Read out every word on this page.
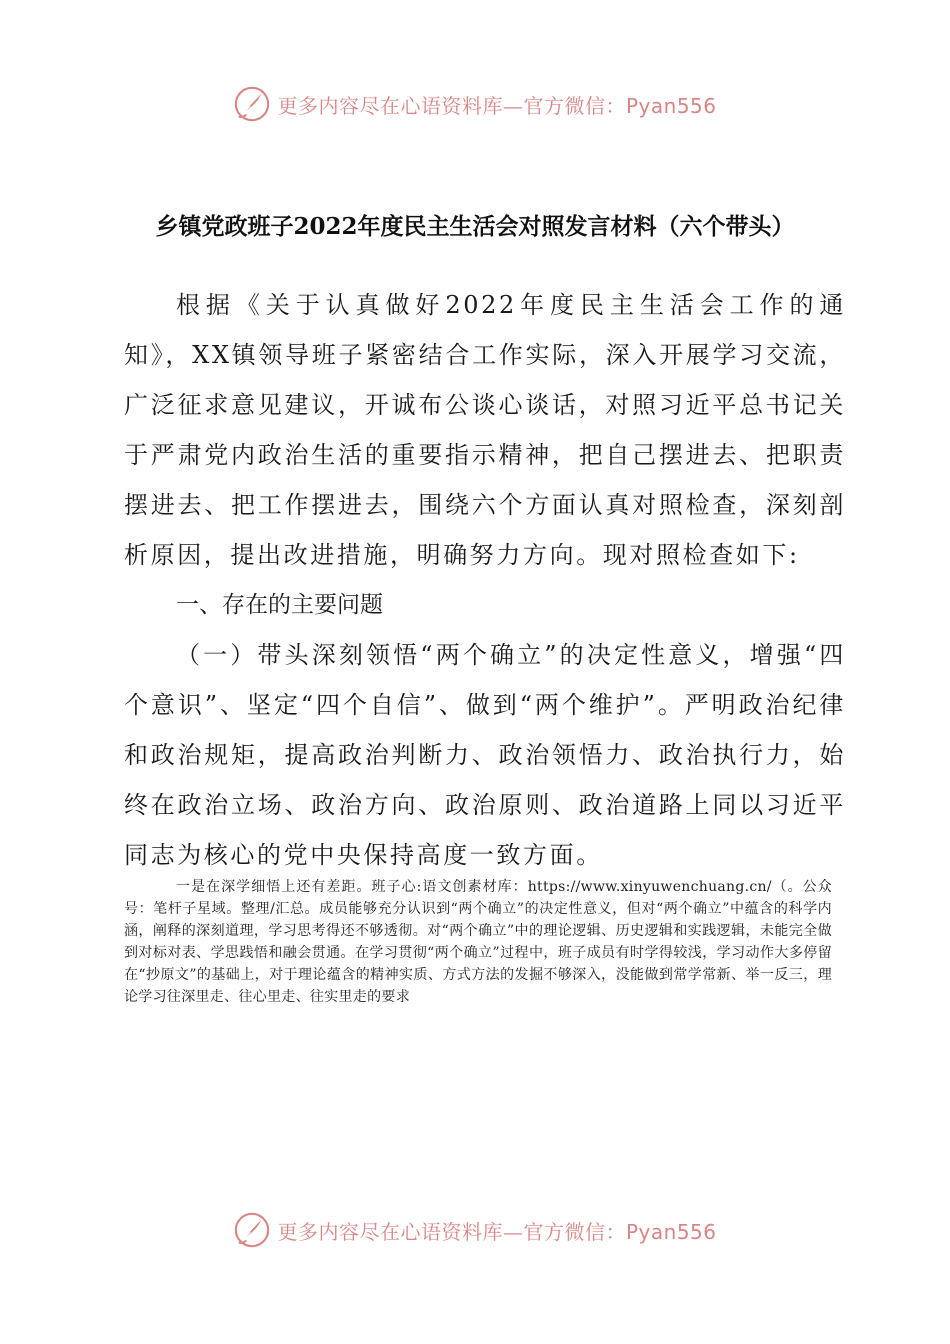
更多内容尽在心语资料库—官方微信：Pyan556
乡镇党政班子2022年度民主生活会对照发言材料（六个带头）
根据《关于认真做好2022年度民主生活会工作的通知》，XX镇领导班子紧密结合工作实际，深入开展学习交流，广泛征求意见建议，开诚布公谈心谈话，对照习近平总书记关于严肃党内政治生活的重要指示精神，把自己摆进去、把职责摆进去、把工作摆进去，围绕六个方面认真对照检查，深刻剖析原因，提出改进措施，明确努力方向。现对照检查如下:
一、存在的主要问题
（一）带头深刻领悟“两个确立”的决定性意义，增强“四个意识”、坚定“四个自信”、做到“两个维护”。严明政治纪律和政治规矩，提高政治判断力、政治领悟力、政治执行力，始终在政治立场、政治方向、政治原则、政治道路上同以习近平同志为核心的党中央保持高度一致方面。

一是在深学细悟上还有差距。班子心:语文创素材库：https://www.xinyuwenchuang.cn/（。公众号：笔杆子星域。整理/汇总。成员能够充分认识到“两个确立”的决定性意义，但对“两个确立”中蕴含的科学内涵，阐释的深刻道理，学习思考得还不够透彻。对“两个确立”中的理论逻辑、历史逻辑和实践逻辑，未能完全做到对标对表、学思践悟和融会贯通。在学习贯彻“两个确立”过程中，班子成员有时学得较浅，学习动作大多停留在“抄原文”的基础上，对于理论蕴含的精神实质、方式方法的发掘不够深入，没能做到常学常新、举一反三，理论学习往深里走、往心里走、往实里走的要求

更多内容尽在心语资料库—官方微信：Pyan556
